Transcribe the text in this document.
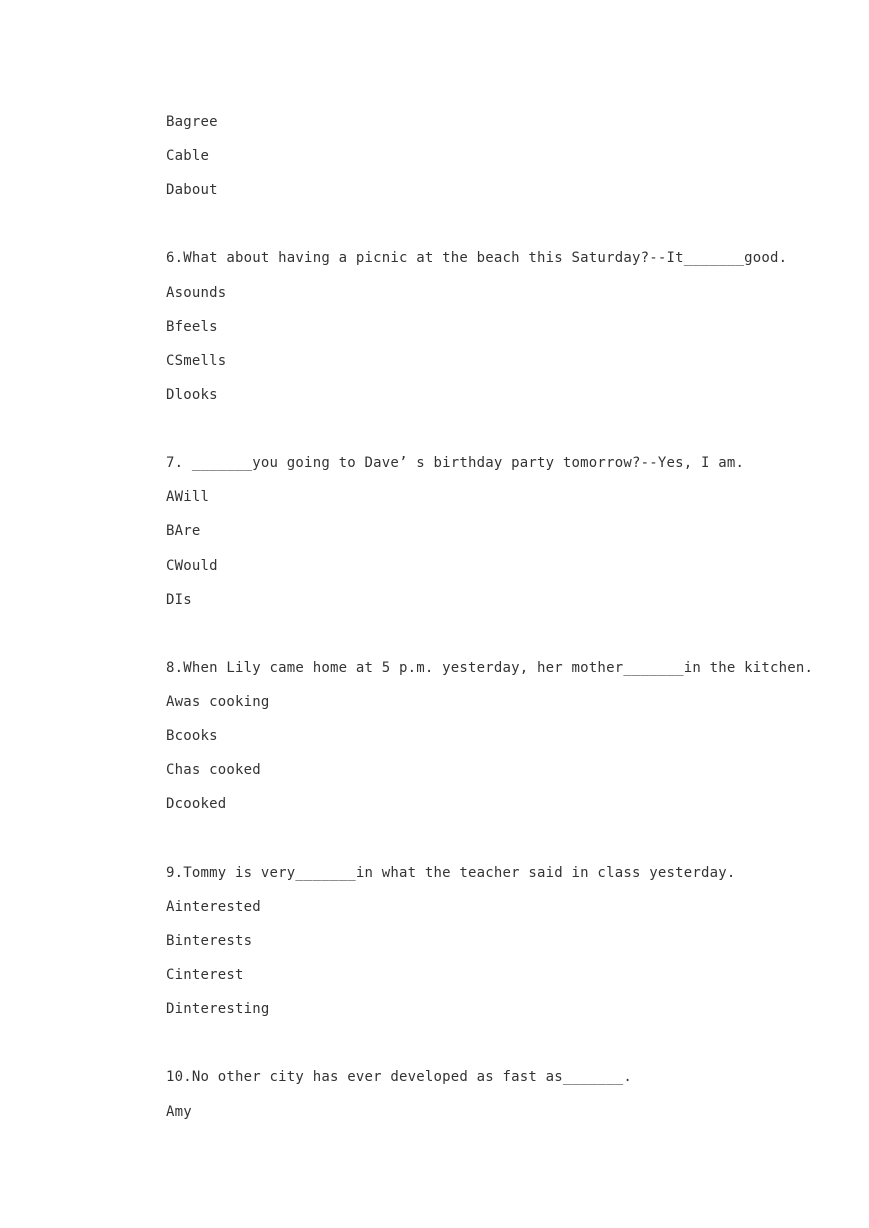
Bagree
Cable
Dabout
6.What about having a picnic at the beach this Saturday?--It_______good.
Asounds
Bfeels
CSmells
Dlooks
7. _______you going to Dave’ s birthday party tomorrow?--Yes, I am.
AWill
BAre
CWould
DIs
8.When Lily came home at 5 p.m. yesterday, her mother_______in the kitchen.
Awas cooking
Bcooks
Chas cooked
Dcooked
9.Tommy is very_______in what the teacher said in class yesterday.
Ainterested
Binterests
Cinterest
Dinteresting
10.No other city has ever developed as fast as_______.
Amy
